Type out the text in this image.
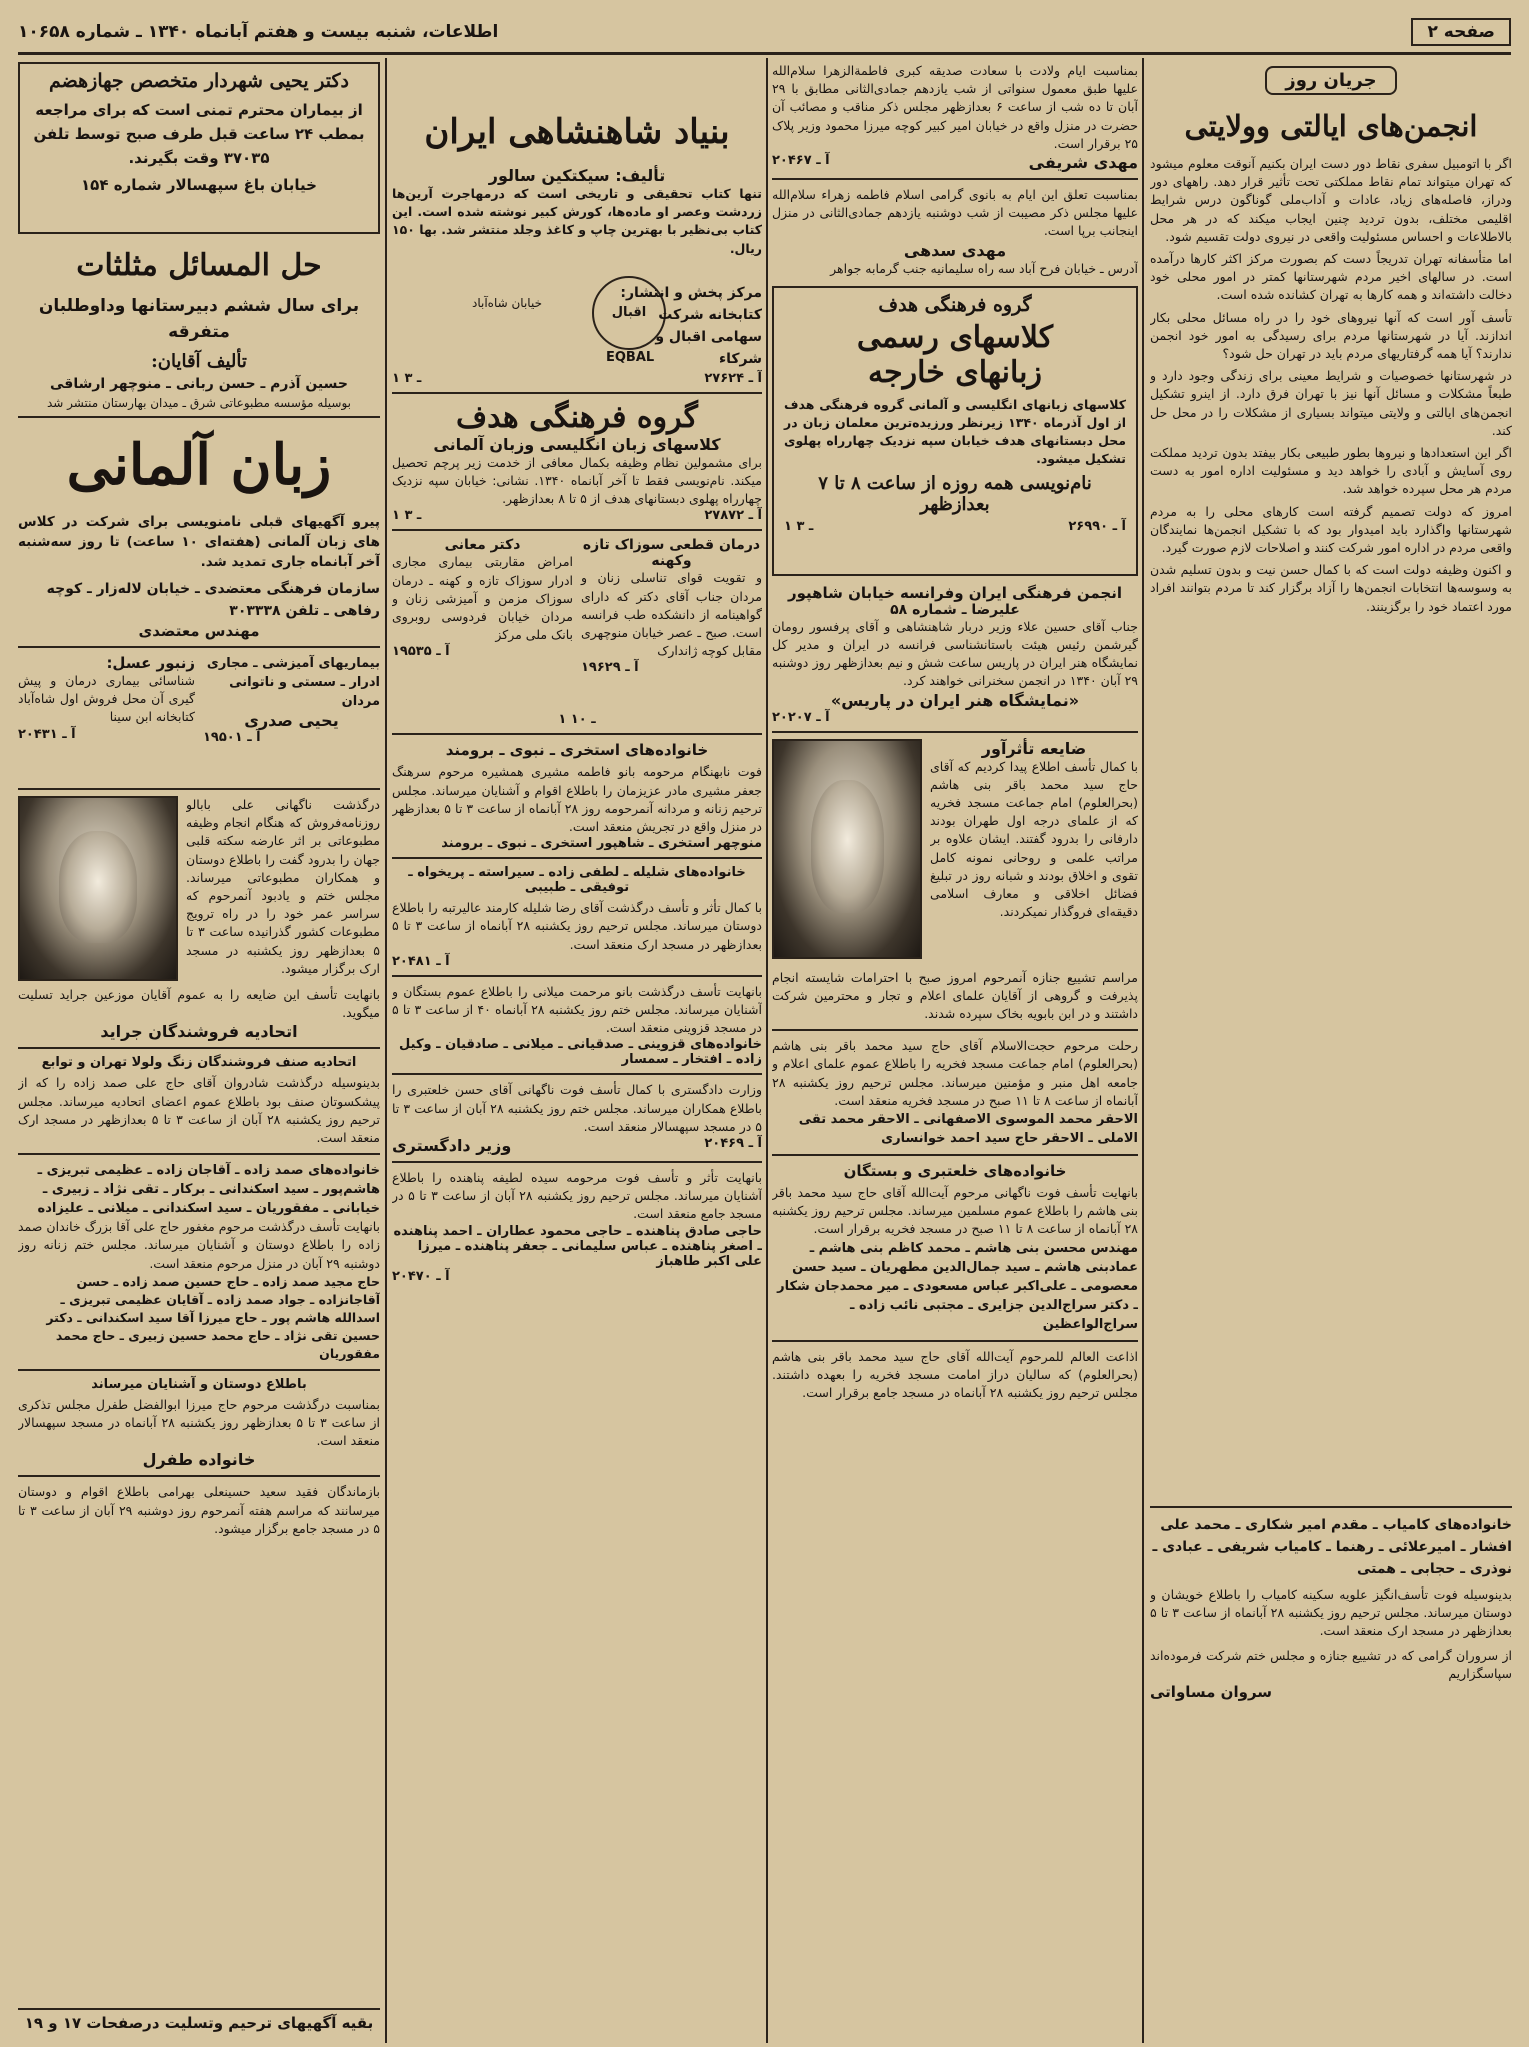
صفحه ۲
اطلاعات، شنبه بیست و هفتم آبانماه ۱۳۴۰ ـ شماره ۱۰۶۵۸
جریان روز
انجمن‌های ایالتی وولایتی

اگر با اتومبیل سفری نقاط دور دست ایران بکنیم آنوقت معلوم میشود که تهران میتواند تمام نقاط مملکتی تحت تأثیر قرار دهد. راههای دور ودراز، فاصله‌های زیاد، عادات و آداب‌ملی گوناگون درس شرایط اقلیمی مختلف، بدون تردید چنین ایجاب میکند که در هر محل بالاطلاعات و احساس مسئولیت واقعی در نیروی دولت تقسیم شود.

اما متأسفانه تهران تدریجاً دست کم بصورت مرکز اکثر کارها درآمده است. در سالهای اخیر مردم شهرستانها کمتر در امور محلی خود دخالت داشته‌اند و همه کارها به تهران کشانده شده است.

تأسف آور است که آنها نیروهای خود را در راه مسائل محلی بکار اندازند. آیا در شهرستانها مردم برای رسیدگی به امور خود انجمن ندارند؟ آیا همه گرفتاریهای مردم باید در تهران حل شود؟

در شهرستانها خصوصیات و شرایط معینی برای زندگی وجود دارد و طبعاً مشکلات و مسائل آنها نیز با تهران فرق دارد. از اینرو تشکیل انجمن‌های ایالتی و ولایتی میتواند بسیاری از مشکلات را در محل حل کند.

اگر این استعداد‌ها و نیروها بطور طبیعی بکار بیفتد بدون تردید مملکت روی آسایش و آبادی را خواهد دید و مسئولیت اداره امور به دست مردم هر محل سپرده خواهد شد.

امروز که دولت تصمیم گرفته است کارهای محلی را به مردم شهرستانها واگذارد باید امیدوار بود که با تشکیل انجمن‌ها نمایندگان واقعی مردم در اداره امور شرکت کنند و اصلاحات لازم صورت گیرد.

و اکنون وظیفه دولت است که با کمال حسن نیت و بدون تسلیم شدن به وسوسه‌ها انتخابات انجمن‌ها را آزاد برگزار کند تا مردم بتوانند افراد مورد اعتماد خود را برگزینند.

خانواده‌های کامیاب ـ مقدم امیر شکاری ـ محمد علی افشار ـ امیرعلائی ـ رهنما ـ کامیاب شریفی ـ عبادی ـ نوذری ـ حجابی ـ همتی
بدینوسیله فوت تأسف‌انگیز علویه سکینه کامیاب را باطلاع خویشان و دوستان میرساند. مجلس ترحیم روز یکشنبه ۲۸ آبانماه از ساعت ۳ تا ۵ بعدازظهر در مسجد ارک منعقد است.
از سروران گرامی که در تشییع جنازه و مجلس ختم شرکت فرموده‌اند سپاسگزاریم
سروان مساواتی
بمناسبت ایام ولادت با سعادت صدیقه کبری فاطمةالزهرا سلام‌الله علیها طبق معمول سنواتی از شب یازدهم جمادی‌الثانی مطابق با ۲۹ آبان تا ده شب از ساعت ۶ بعدازظهر مجلس ذکر مناقب و مصائب آن حضرت در منزل واقع در خیابان امیر کبیر کوچه میرزا محمود وزیر پلاک ۲۵ برقرار است.
مهدی شریفی
آ ـ ۲۰۴۶۷
بمناسبت تعلق این ایام به بانوی گرامی اسلام فاطمه زهراء سلام‌الله علیها مجلس ذکر مصیبت از شب دوشنبه یازدهم جمادی‌الثانی در منزل اینجانب برپا است.
مهدی سدهی
آدرس ـ خیابان فرح آباد سه راه سلیمانیه جنب گرمابه جواهر
گروه فرهنگی هدف
کلاسهای رسمی
زبانهای خارجه
کلاسهای زبانهای انگلیسی و آلمانی گروه فرهنگی هدف از اول آذرماه ۱۳۴۰ زیرنظر ورزیده‌ترین معلمان زبان در محل دبستانهای هدف خیابان سپه نزدیک چهارراه پهلوی تشکیل میشود.
نام‌نویسی همه روزه از ساعت ۸ تا ۷ بعدازظهر
آ ـ ۲۶۹۹۰
۱ ـ ۳
انجمن فرهنگی ایران وفرانسه خیابان شاهپور
علیرضا ـ شماره ۵۸
جناب آقای حسین علاء وزیر دربار شاهنشاهی و آقای پرفسور رومان گیرشمن رئیس هیئت باستانشناسی فرانسه در ایران و مدیر کل نمایشگاه هنر ایران در پاریس ساعت شش و نیم بعدازظهر روز دوشنبه ۲۹ آبان ۱۳۴۰ در انجمن سخنرانی خواهند کرد.
«نمایشگاه هنر ایران در پاریس»
آ ـ ۲۰۲۰۷
ضایعه تأثرآور
با کمال تأسف اطلاع پیدا کردیم که آقای حاج سید محمد باقر بنی هاشم (بحرالعلوم) امام جماعت مسجد فخریه که از علمای درجه اول طهران بودند دارفانی را بدرود گفتند. ایشان علاوه بر مراتب علمی و روحانی نمونه کامل تقوی و اخلاق بودند و شبانه روز در تبلیغ فضائل اخلاقی و معارف اسلامی دقیقه‌ای فروگذار نمیکردند.
مراسم تشییع جنازه آنمرحوم امروز صبح با احترامات شایسته انجام پذیرفت و گروهی از آقایان علمای اعلام و تجار و محترمین شرکت داشتند و در ابن بابویه بخاک سپرده شدند.
رحلت مرحوم حجت‌الاسلام آقای حاج سید محمد باقر بنی هاشم (بحرالعلوم) امام جماعت مسجد فخریه را باطلاع عموم علمای اعلام و جامعه اهل منبر و مؤمنین میرساند. مجلس ترحیم روز یکشنبه ۲۸ آبانماه از ساعت ۸ تا ۱۱ صبح در مسجد فخریه منعقد است.
الاحقر محمد الموسوی الاصفهانی ـ الاحقر محمد تقی الاملی ـ الاحقر حاج سید احمد خوانساری
خانواده‌های خلعتبری و بستگان
بانهایت تأسف فوت ناگهانی مرحوم آیت‌الله آقای حاج سید محمد باقر بنی هاشم را باطلاع عموم مسلمین میرساند. مجلس ترحیم روز یکشنبه ۲۸ آبانماه از ساعت ۸ تا ۱۱ صبح در مسجد فخریه برقرار است.
مهندس محسن بنی هاشم ـ محمد کاظم بنی هاشم ـ عمادبنی هاشم ـ سید جمال‌الدین مطهریان ـ سید حسن معصومی ـ علی‌اکبر عباس مسعودی ـ میر محمدجان شکار ـ دکتر سراج‌الدین جزایری ـ مجتبی نائب زاده ـ سراج‌الواعظین
اذاعت العالم للمرحوم آیت‌الله آقای حاج سید محمد باقر بنی هاشم (بحرالعلوم) که سالیان دراز امامت مسجد فخریه را بعهده داشتند. مجلس ترحیم روز یکشنبه ۲۸ آبانماه در مسجد جامع برقرار است.
بنیاد شاهنشاهی ایران
تألیف: سیکتکین سالور
تنها کتاب تحقیقی و تاریخی است که درمهاجرت آرین‌ها زردشت وعصر او ماده‌ها، کورش کبیر نوشته شده است. این کتاب بی‌نظیر با بهترین چاپ و کاغذ وجلد منتشر شد. بها ۱۵۰ ریال.
اقبال
EQBAL
مرکز پخش و انتشار: کتابخانه شرکت سهامی اقبال و شرکاء
خیابان شاه‌آباد
آ ـ ۲۷۶۲۴
۱ ـ ۳
گروه فرهنگی هدف
کلاسهای زبان انگلیسی وزبان آلمانی
برای مشمولین نظام وظیفه بکمال معافی از خدمت زیر پرچم تحصیل میکند. نام‌نویسی فقط تا آخر آبانماه ۱۳۴۰. نشانی: خیابان سپه نزدیک چهارراه پهلوی دبستانهای هدف از ۵ تا ۸ بعدازظهر.
آ ـ ۲۷۸۷۲
۱ ـ ۳
درمان قطعی سوزاک تازه وکهنه
و تقویت قوای تناسلی زنان و مردان جناب آقای دکتر که دارای گواهینامه از دانشکده طب فرانسه است. صبح ـ عصر خیابان منوچهری مقابل کوچه ژاندارک
آ ـ ۱۹۶۲۹
دکتر معانی
امراض مقاربتی بیماری مجاری ادرار سوزاک تازه و کهنه ـ درمان سوزاک مزمن و آمیزشی زنان و مردان خیابان فردوسی روبروی بانک ملی مرکز
آ ـ ۱۹۵۳۵
۱ ـ ۱۰
خانواده‌های استخری ـ نبوی ـ برومند
فوت نابهنگام مرحومه بانو فاطمه مشیری همشیره مرحوم سرهنگ جعفر مشیری مادر عزیزمان را باطلاع اقوام و آشنایان میرساند. مجلس ترحیم زنانه و مردانه آنمرحومه روز ۲۸ آبانماه از ساعت ۳ تا ۵ بعدازظهر در منزل واقع در تجریش منعقد است.
منوچهر استخری ـ شاهپور استخری ـ نبوی ـ برومند
خانواده‌های شلیله ـ لطفی زاده ـ سیراسته ـ پریخواه ـ توفیقی ـ طبیبی
با کمال تأثر و تأسف درگذشت آقای رضا شلیله کارمند عالیرتبه را باطلاع دوستان میرساند. مجلس ترحیم روز یکشنبه ۲۸ آبانماه از ساعت ۳ تا ۵ بعدازظهر در مسجد ارک منعقد است.
آ ـ ۲۰۴۸۱
بانهایت تأسف درگذشت بانو مرحمت میلانی را باطلاع عموم بستگان و آشنایان میرساند. مجلس ختم روز یکشنبه ۲۸ آبانماه ۴۰ از ساعت ۳ تا ۵ در مسجد قزوینی منعقد است.
خانواده‌های قزوینی ـ صدقیانی ـ میلانی ـ صادقیان ـ وکیل زاده ـ افتخار ـ سمسار
وزارت دادگستری با کمال تأسف فوت ناگهانی آقای حسن خلعتبری را باطلاع همکاران میرساند. مجلس ختم روز یکشنبه ۲۸ آبان از ساعت ۳ تا ۵ در مسجد سپهسالار منعقد است.
آ ـ ۲۰۴۶۹
وزیر دادگستری
بانهایت تأثر و تأسف فوت مرحومه سیده لطیفه پناهنده را باطلاع آشنایان میرساند. مجلس ترحیم روز یکشنبه ۲۸ آبان از ساعت ۳ تا ۵ در مسجد جامع منعقد است.
حاجی صادق پناهنده ـ حاجی محمود عطاران ـ احمد پناهنده ـ اصغر پناهنده ـ عباس سلیمانی ـ جعفر پناهنده ـ میرزا علی اکبر طاهباز
آ ـ ۲۰۴۷۰
دکتر یحیی شهردار متخصص جهازهضم
از بیماران محترم تمنی است که برای مراجعه بمطب ۲۴ ساعت قبل طرف صبح توسط تلفن ۳۷۰۳۵ وقت بگیرند.
خیابان باغ سپهسالار شماره ۱۵۴
حل المسائل مثلثات
برای سال ششم دبیرستانها وداوطلبان متفرقه
تألیف آقایان:
حسین آذرم ـ حسن ربانی ـ منوچهر ارشاقی
بوسیله مؤسسه مطبوعاتی شرق ـ میدان بهارستان منتشر شد
زبان آلمانی
پیرو آگهیهای قبلی نامنویسی برای شرکت در کلاس های زبان آلمانی (هفته‌ای ۱۰ ساعت) تا روز سه‌شنبه آخر آبانماه جاری تمدید شد.
سازمان فرهنگی معتضدی ـ خیابان لاله‌زار ـ کوچه رفاهی ـ تلفن ۳۰۳۳۳۸
مهندس معتضدی
بیماریهای آمیزشی ـ مجاری ادرار ـ سستی و ناتوانی مردان
یحیی صدری
آ ـ ۱۹۵۰۱
زنبور عسل:
شناسائی بیماری درمان و پیش گیری آن محل فروش اول شاه‌آباد کتابخانه ابن سینا
آ ـ ۲۰۴۳۱
درگذشت ناگهانی علی بابالو روزنامه‌فروش که هنگام انجام وظیفه مطبوعاتی بر اثر عارضه سکته قلبی جهان را بدرود گفت را باطلاع دوستان و همکاران مطبوعاتی میرساند. مجلس ختم و یادبود آنمرحوم که سراسر عمر خود را در راه ترویج مطبوعات کشور گذرانیده ساعت ۳ تا ۵ بعدازظهر روز یکشنبه در مسجد ارک برگزار میشود.
بانهایت تأسف این ضایعه را به عموم آقایان موزعین جراید تسلیت میگوید.
اتحادیه فروشندگان جراید
اتحادیه صنف فروشندگان زنگ ولولا تهران و توابع
بدینوسیله درگذشت شادروان آقای حاج علی صمد زاده را که از پیشکسوتان صنف بود باطلاع عموم اعضای اتحادیه میرساند. مجلس ترحیم روز یکشنبه ۲۸ آبان از ساعت ۳ تا ۵ بعدازظهر در مسجد ارک منعقد است.
خانواده‌های صمد زاده ـ آقاجان زاده ـ عظیمی تبریزی ـ هاشم‌پور ـ سید اسکندانی ـ برکار ـ تقی نژاد ـ زبیری ـ خیابانی ـ مفقوریان ـ سید اسکندانی ـ میلانی ـ علیزاده
بانهایت تأسف درگذشت مرحوم مغفور حاج علی آقا بزرگ خاندان صمد زاده را باطلاع دوستان و آشنایان میرساند. مجلس ختم زنانه روز دوشنبه ۲۹ آبان در منزل مرحوم منعقد است.
حاج مجید صمد زاده ـ حاج حسین صمد زاده ـ حسن آقاجانزاده ـ جواد صمد زاده ـ آقایان عظیمی تبریزی ـ اسدالله هاشم پور ـ حاج میرزا آقا سید اسکندانی ـ دکتر حسین تقی نژاد ـ حاج محمد حسین زبیری ـ حاج محمد مفقوریان
باطلاع دوستان و آشنایان میرساند
بمناسبت درگذشت مرحوم حاج میرزا ابوالفضل طفرل مجلس تذکری از ساعت ۳ تا ۵ بعدازظهر روز یکشنبه ۲۸ آبانماه در مسجد سپهسالار منعقد است.
خانواده طفرل
بازماندگان فقید سعید حسینعلی بهرامی باطلاع اقوام و دوستان میرسانند که مراسم هفته آنمرحوم روز دوشنبه ۲۹ آبان از ساعت ۳ تا ۵ در مسجد جامع برگزار میشود.
بقیه آگهیهای ترحیم وتسلیت درصفحات ۱۷ و ۱۹
